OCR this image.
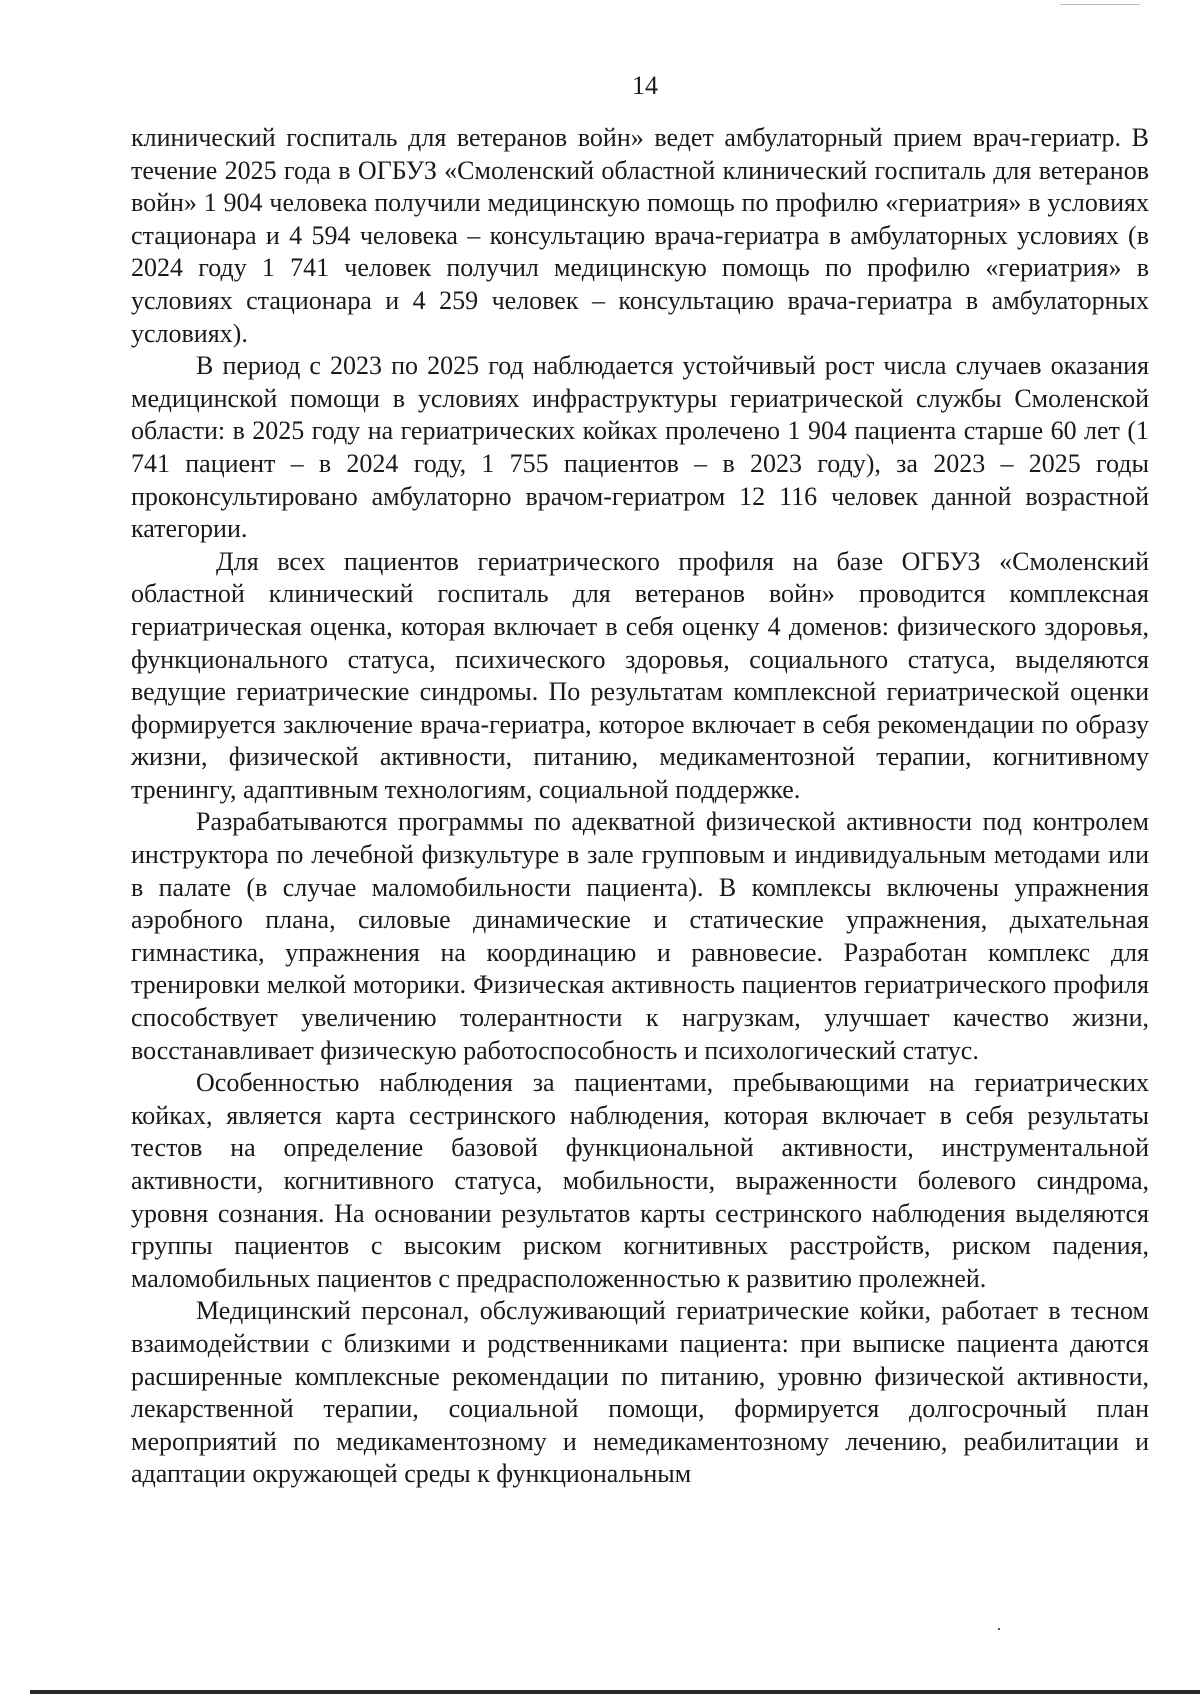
14

клинический госпиталь для ветеранов войн» ведет амбулаторный прием врач-гериатр. В течение 2025 года в ОГБУЗ «Смоленский областной клинический госпиталь для ветеранов войн» 1 904 человека получили медицинскую помощь по профилю «гериатрия» в условиях стационара и 4 594 человека – консультацию врача-гериатра в амбулаторных условиях (в 2024 году 1 741 человек получил медицинскую помощь по профилю «гериатрия» в условиях стационара и 4 259 человек – консультацию врача-гериатра в амбулаторных условиях).

В период с 2023 по 2025 год наблюдается устойчивый рост числа случаев оказания медицинской помощи в условиях инфраструктуры гериатрической службы Смоленской области: в 2025 году на гериатрических койках пролечено 1 904 пациента старше 60 лет (1 741 пациент – в 2024 году, 1 755 пациентов – в 2023 году), за 2023 – 2025 годы проконсультировано амбулаторно врачом-гериатром 12 116 человек данной возрастной категории.

Для всех пациентов гериатрического профиля на базе ОГБУЗ «Смоленский областной клинический госпиталь для ветеранов войн» проводится комплексная гериатрическая оценка, которая включает в себя оценку 4 доменов: физического здоровья, функционального статуса, психического здоровья, социального статуса, выделяются ведущие гериатрические синдромы. По результатам комплексной гериатрической оценки формируется заключение врача-гериатра, которое включает в себя рекомендации по образу жизни, физической активности, питанию, медикаментозной терапии, когнитивному тренингу, адаптивным технологиям, социальной поддержке.

Разрабатываются программы по адекватной физической активности под контролем инструктора по лечебной физкультуре в зале групповым и индивидуальным методами или в палате (в случае маломобильности пациента). В комплексы включены упражнения аэробного плана, силовые динамические и статические упражнения, дыхательная гимнастика, упражнения на координацию и равновесие. Разработан комплекс для тренировки мелкой моторики. Физическая активность пациентов гериатрического профиля способствует увеличению толерантности к нагрузкам, улучшает качество жизни, восстанавливает физическую работоспособность и психологический статус.

Особенностью наблюдения за пациентами, пребывающими на гериатрических койках, является карта сестринского наблюдения, которая включает в себя результаты тестов на определение базовой функциональной активности, инструментальной активности, когнитивного статуса, мобильности, выраженности болевого синдрома, уровня сознания. На основании результатов карты сестринского наблюдения выделяются группы пациентов с высоким риском когнитивных расстройств, риском падения, маломобильных пациентов с предрасположенностью к развитию пролежней.

Медицинский персонал, обслуживающий гериатрические койки, работает в тесном взаимодействии с близкими и родственниками пациента: при выписке пациента даются расширенные комплексные рекомендации по питанию, уровню физической активности, лекарственной терапии, социальной помощи, формируется долгосрочный план мероприятий по медикаментозному и немедикаментозному лечению, реабилитации и адаптации окружающей среды к функциональным
